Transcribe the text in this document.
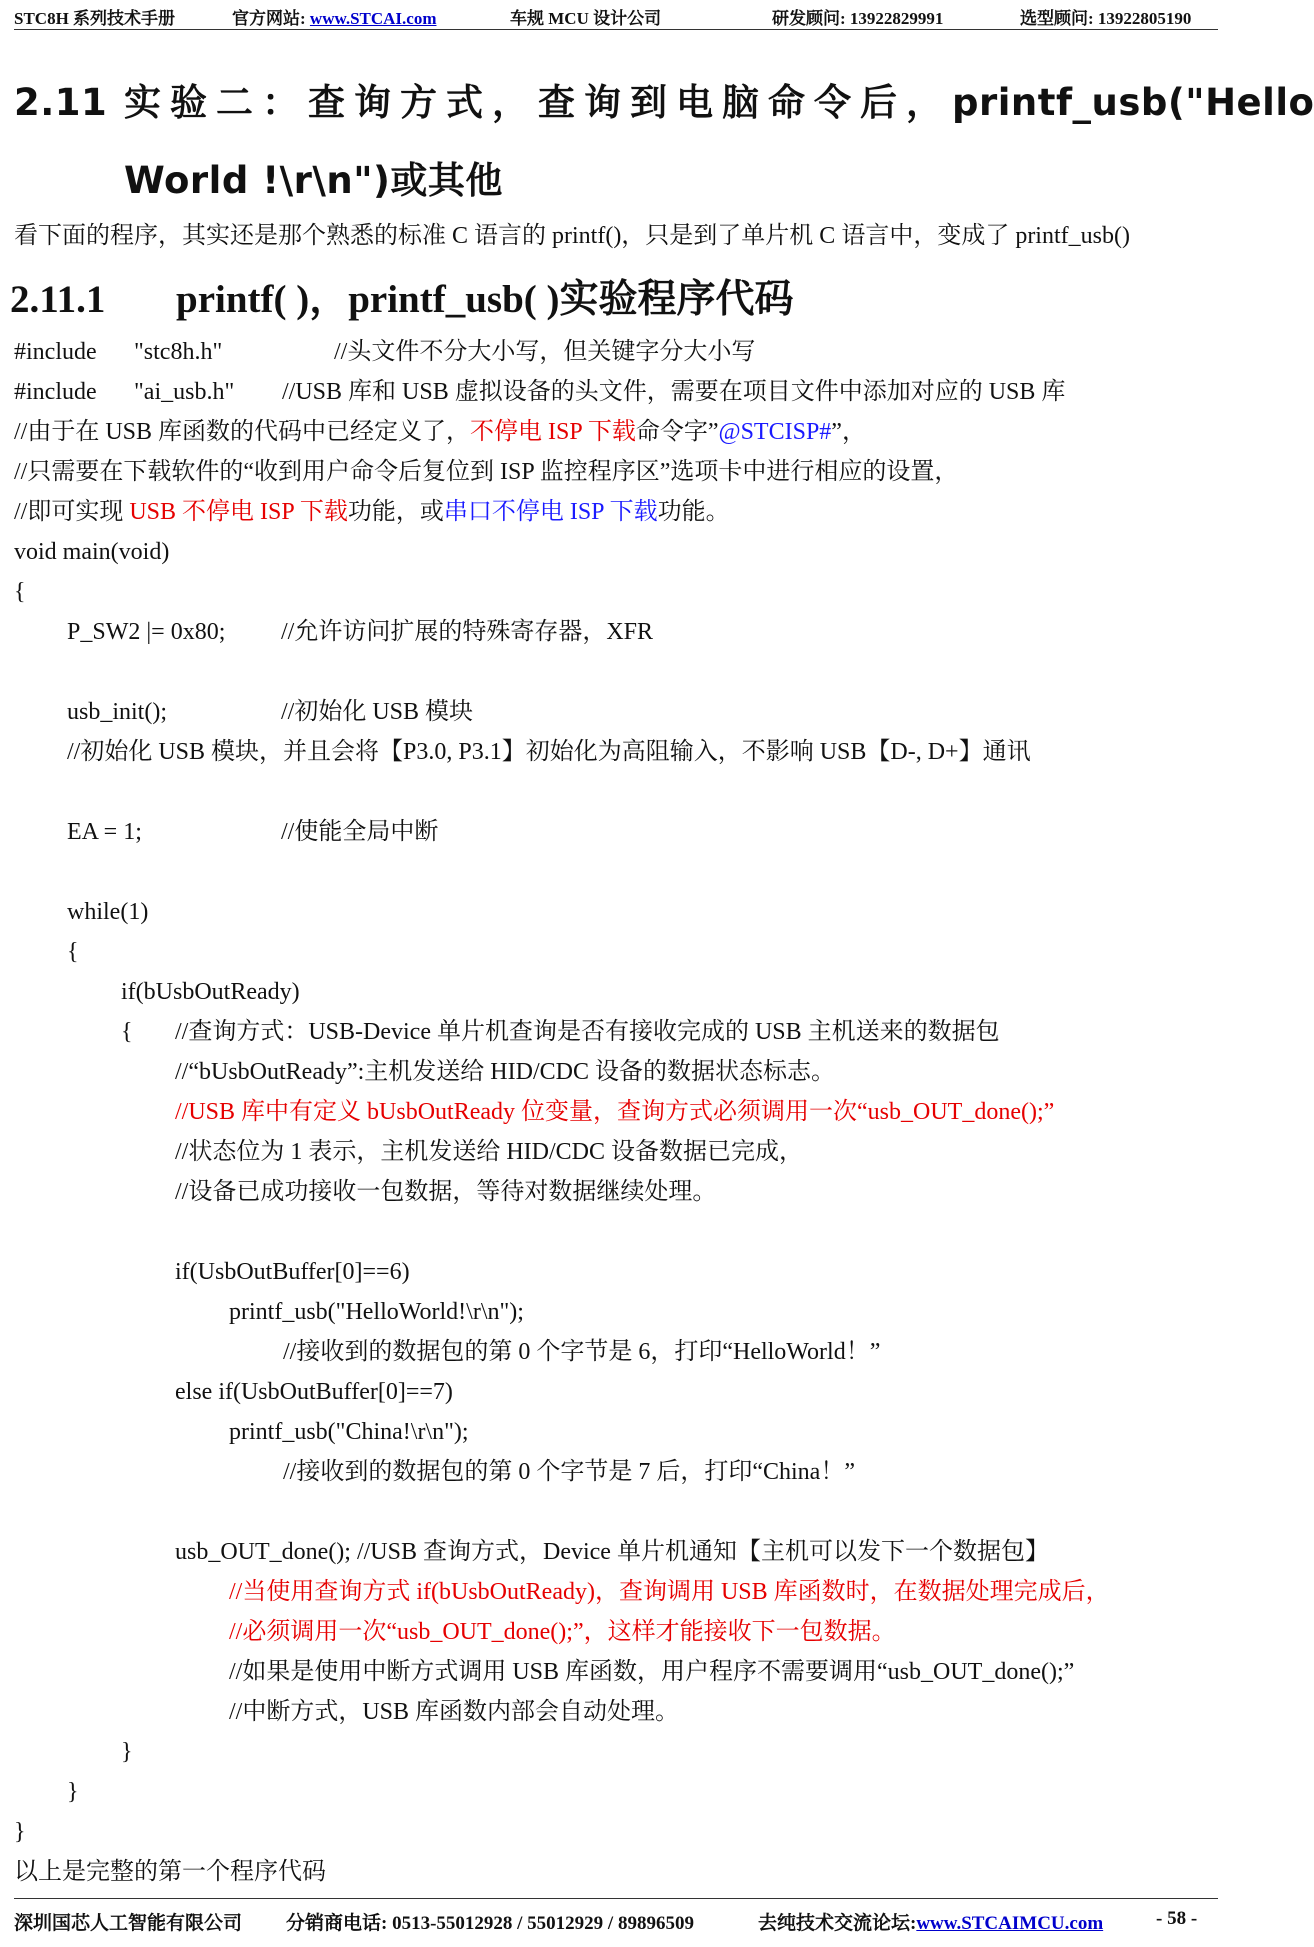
STC8H 系列技术手册	官方网站: www.STCAI.com	车规 MCU 设计公司	研发顾问: 13922829991	选型顾问: 13922805190
2.11 实验二：查询方式，查询到电脑命令后，printf_usb("Hello
World !\r\n")或其他
看下面的程序，其实还是那个熟悉的标准 C 语言的 printf()，只是到了单片机 C 语言中，变成了 printf_usb()
2.11.1 printf( )，printf_usb( )实验程序代码
#include "stc8h.h"	//头文件不分大小写，但关键字分大小写
#include "ai_usb.h" //USB 库和 USB 虚拟设备的头文件，需要在项目文件中添加对应的 USB 库
//由于在 USB 库函数的代码中已经定义了，不停电 ISP 下载命令字”@STCISP#”，
//只需要在下载软件的“收到用户命令后复位到 ISP 监控程序区”选项卡中进行相应的设置，
//即可实现 USB 不停电 ISP 下载功能，或串口不停电 ISP 下载功能。
void main(void)
{
P_SW2 |= 0x80; //允许访问扩展的特殊寄存器，XFR
usb_init();	//初始化 USB 模块
//初始化 USB 模块，并且会将【P3.0, P3.1】初始化为高阻输入，不影响 USB【D-, D+】通讯
EA = 1;	//使能全局中断
while(1)
{
if(bUsbOutReady)
{ //查询方式：USB-Device 单片机查询是否有接收完成的 USB 主机送来的数据包
//“bUsbOutReady”:主机发送给 HID/CDC 设备的数据状态标志。
//USB 库中有定义 bUsbOutReady 位变量，查询方式必须调用一次“usb_OUT_done();”
//状态位为 1 表示，主机发送给 HID/CDC 设备数据已完成，
//设备已成功接收一包数据，等待对数据继续处理。
if(UsbOutBuffer[0]==6)
printf_usb("HelloWorld!\r\n");
//接收到的数据包的第 0 个字节是 6，打印“HelloWorld！”
else if(UsbOutBuffer[0]==7)
printf_usb("China!\r\n");
//接收到的数据包的第 0 个字节是 7 后，打印“China！”
usb_OUT_done(); //USB 查询方式，Device 单片机通知【主机可以发下一个数据包】
//当使用查询方式 if(bUsbOutReady)，查询调用 USB 库函数时，在数据处理完成后，
//必须调用一次“usb_OUT_done();”，这样才能接收下一包数据。
//如果是使用中断方式调用 USB 库函数，用户程序不需要调用“usb_OUT_done();”
//中断方式，USB 库函数内部会自动处理。
}
}
}
以上是完整的第一个程序代码
深圳国芯人工智能有限公司 分销商电话: 0513-55012928 / 55012929 / 89896509	去纯技术交流论坛:www.STCAIMCU.com	- 58 -
